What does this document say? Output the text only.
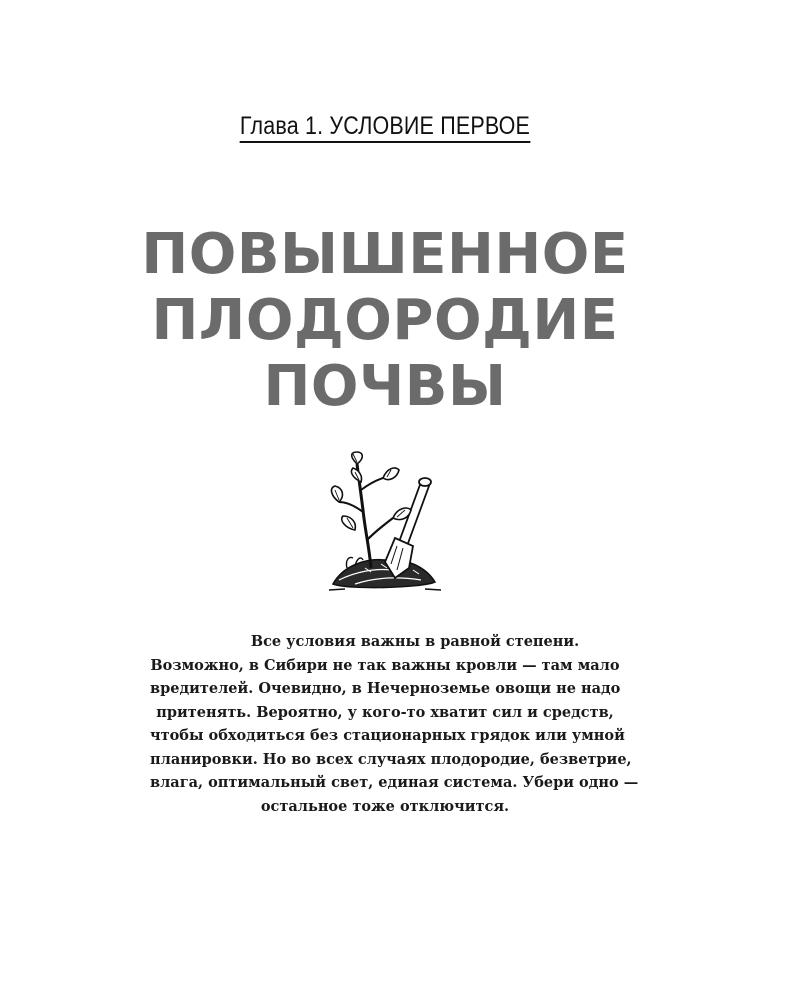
Глава 1. УСЛОВИЕ ПЕРВОЕ
ПОВЫШЕННОЕ
ПЛОДОРОДИЕ
ПОЧВЫ
Все условия важны в равной степени.
Возможно, в Сибири не так важны кровли — там мало
вредителей. Очевидно, в Нечерноземье овощи не надо
притенять. Вероятно, у кого-то хватит сил и средств,
чтобы обходиться без стационарных грядок или умной
планировки. Но во всех случаях плодородие, безветрие,
влага, оптимальный свет, единая система. Убери одно —
остальное тоже отключится.
